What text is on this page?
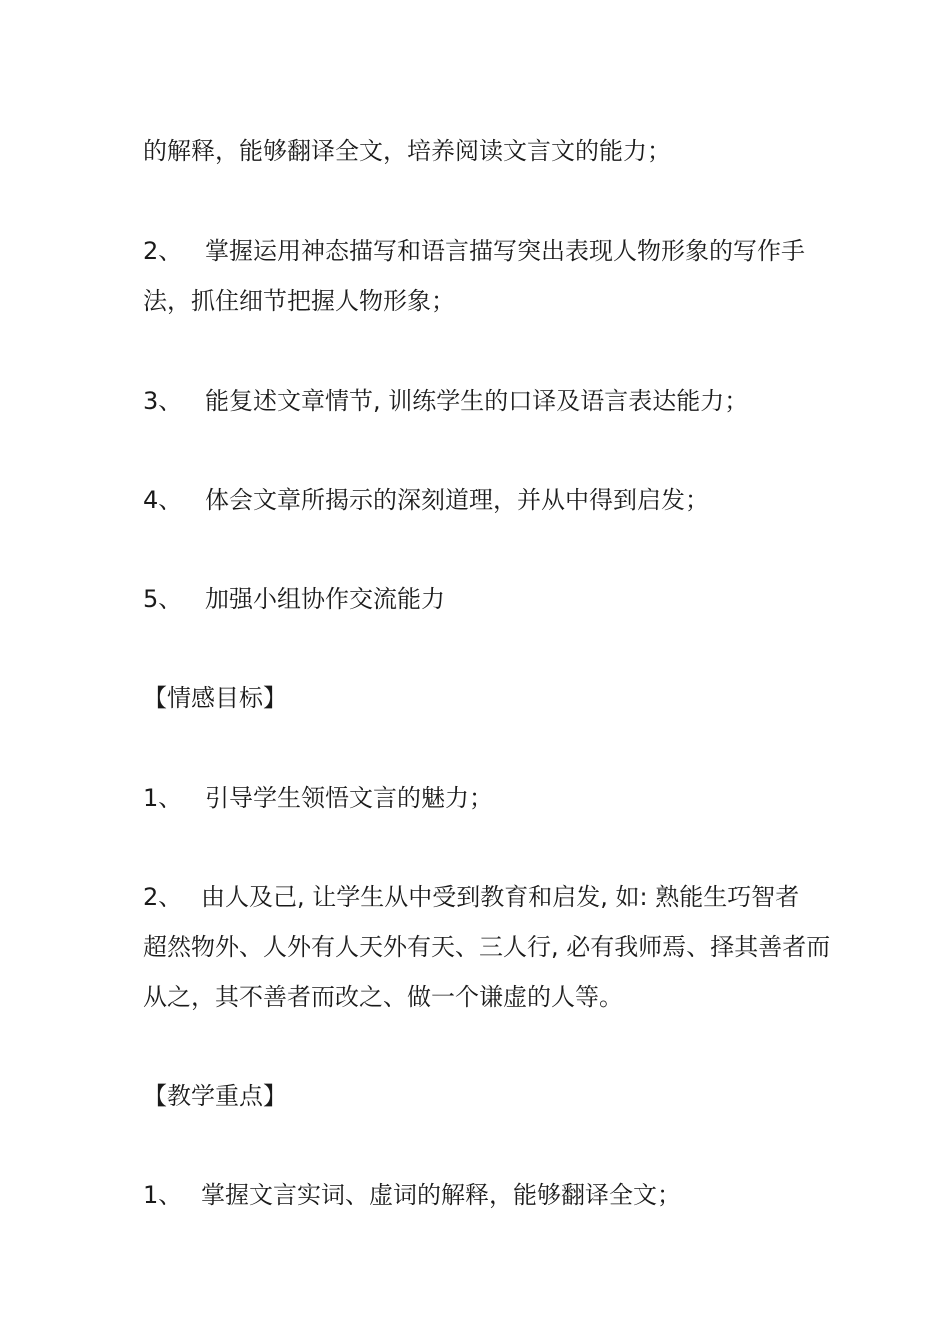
的解释，能够翻译全文，培养阅读文言文的能力；
2、 掌握运用神态描写和语言描写突出表现人物形象的写作手
法，抓住细节把握人物形象；
3、 能复述文章情节, 训练学生的口译及语言表达能力；
4、 体会文章所揭示的深刻道理，并从中得到启发；
5、 加强小组协作交流能力
【情感目标】
1、 引导学生领悟文言的魅力；
2、 由人及己, 让学生从中受到教育和启发, 如: 熟能生巧智者
超然物外、人外有人天外有天、三人行, 必有我师焉、择其善者而
从之，其不善者而改之、做一个谦虚的人等。
【教学重点】
1、 掌握文言实词、虚词的解释，能够翻译全文；
